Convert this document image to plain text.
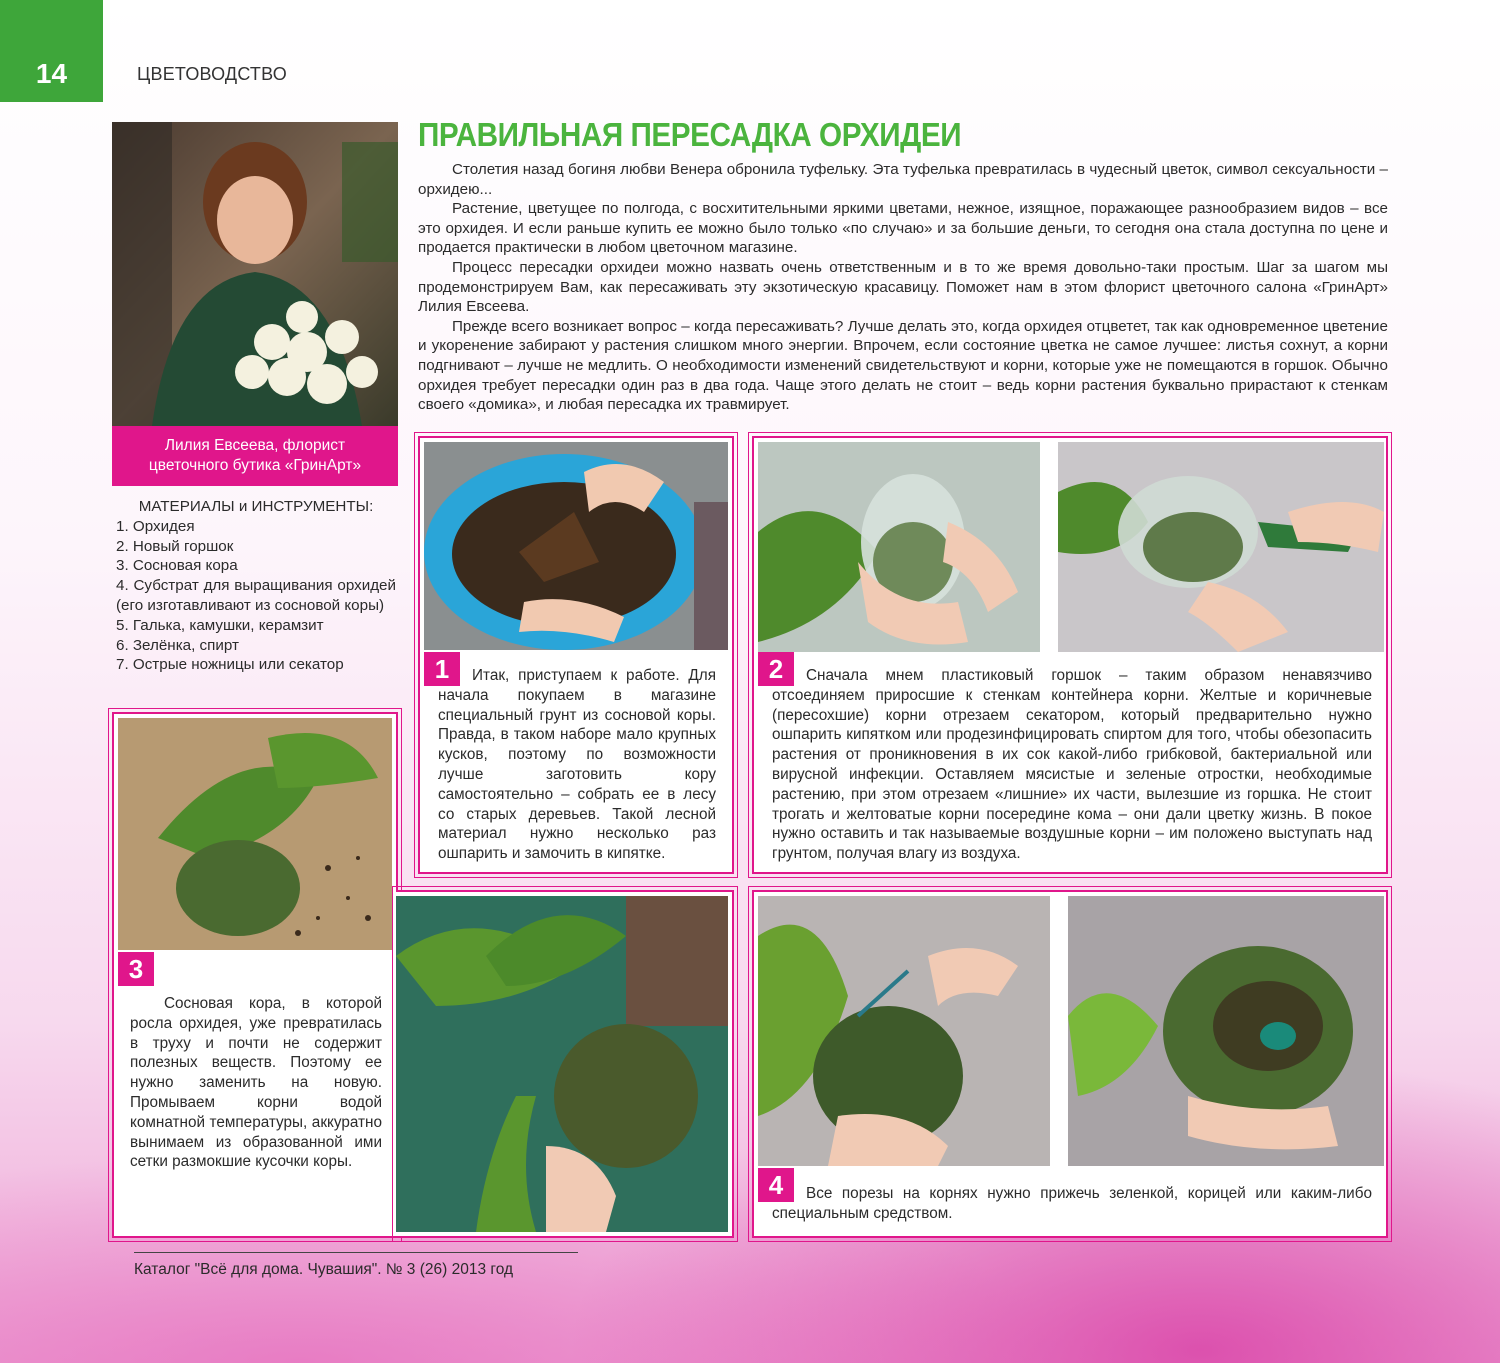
14	ЦВЕТОВОДСТВО
ПРАВИЛЬНАЯ ПЕРЕСАДКА ОРХИДЕИ

Столетия назад богиня любви Венера обронила туфельку. Эта туфелька превратилась в чудесный цветок, символ сексуальности – орхидею...

Растение, цветущее по полгода, с восхитительными яркими цветами, нежное, изящное, поражающее разнообразием видов – все это орхидея. И если раньше купить ее можно было только «по случаю» и за большие деньги, то сегодня она стала доступна по цене и продается практически в любом цветочном магазине.

Процесс пересадки орхидеи можно назвать очень ответственным и в то же время довольно-таки простым. Шаг за шагом мы продемонстрируем Вам, как пересаживать эту экзотическую красавицу. Поможет нам в этом флорист цветочного салона «ГринАрт» Лилия Евсеева.

Прежде всего возникает вопрос – когда пересаживать? Лучше делать это, когда орхидея отцветет, так как одновременное цветение и укоренение забирают у растения слишком много энергии. Впрочем, если состояние цветка не самое лучшее: листья сохнут, а корни подгнивают – лучше не медлить. О необходимости изменений свидетельствуют и корни, которые уже не помещаются в горшок. Обычно орхидея требует пересадки один раз в два года. Чаще этого делать не стоит – ведь корни растения буквально прирастают к стенкам своего «домика», и любая пересадка их травмирует.

Лилия Евсеева, флорист
цветочного бутика «ГринАрт»
МАТЕРИАЛЫ и ИНСТРУМЕНТЫ:
1. Орхидея
2. Новый горшок
3. Сосновая кора
4. Субстрат для выращивания орхидей (его изготавливают из сосновой коры)
5. Галька, камушки, керамзит
6. Зелёнка, спирт
7. Острые ножницы или секатор	1	Итак, приступаем к работе. Для начала покупаем в магазине специальный грунт из сосновой коры. Правда, в таком наборе мало крупных кусков, поэтому по возможности лучше заготовить кору самостоятельно – собрать ее в лесу со старых деревьев. Такой лесной материал нужно несколько раз ошпарить и замочить в кипятке.
2	Сначала мнем пластиковый горшок – таким образом ненавязчиво отсоединяем приросшие к стенкам контейнера корни. Желтые и коричневые (пересохшие) корни отрезаем секатором, который предварительно нужно ошпарить кипятком или продезинфицировать спиртом для того, чтобы обезопасить растения от проникновения в их сок какой-либо грибковой, бактериальной или вирусной инфекции. Оставляем мясистые и зеленые отростки, необходимые растению, при этом отрезаем «лишние» их части, вылезшие из горшка. Не стоит трогать и желтоватые корни посередине кома – они дали цветку жизнь. В покое нужно оставить и так называемые воздушные корни – им положено выступать над грунтом, получая влагу из воздуха.
3
Сосновая кора, в которой росла орхидея, уже превратилась в труху и почти не содержит полезных веществ. Поэтому ее нужно заменить на новую. Промываем корни водой комнатной температуры, аккуратно вынимаем из образованной ими сетки размокшие кусочки коры.
4	Все порезы на корнях нужно прижечь зеленкой, корицей или каким-либо специальным средством.
Каталог "Всё для дома. Чувашия". № 3 (26) 2013 год
